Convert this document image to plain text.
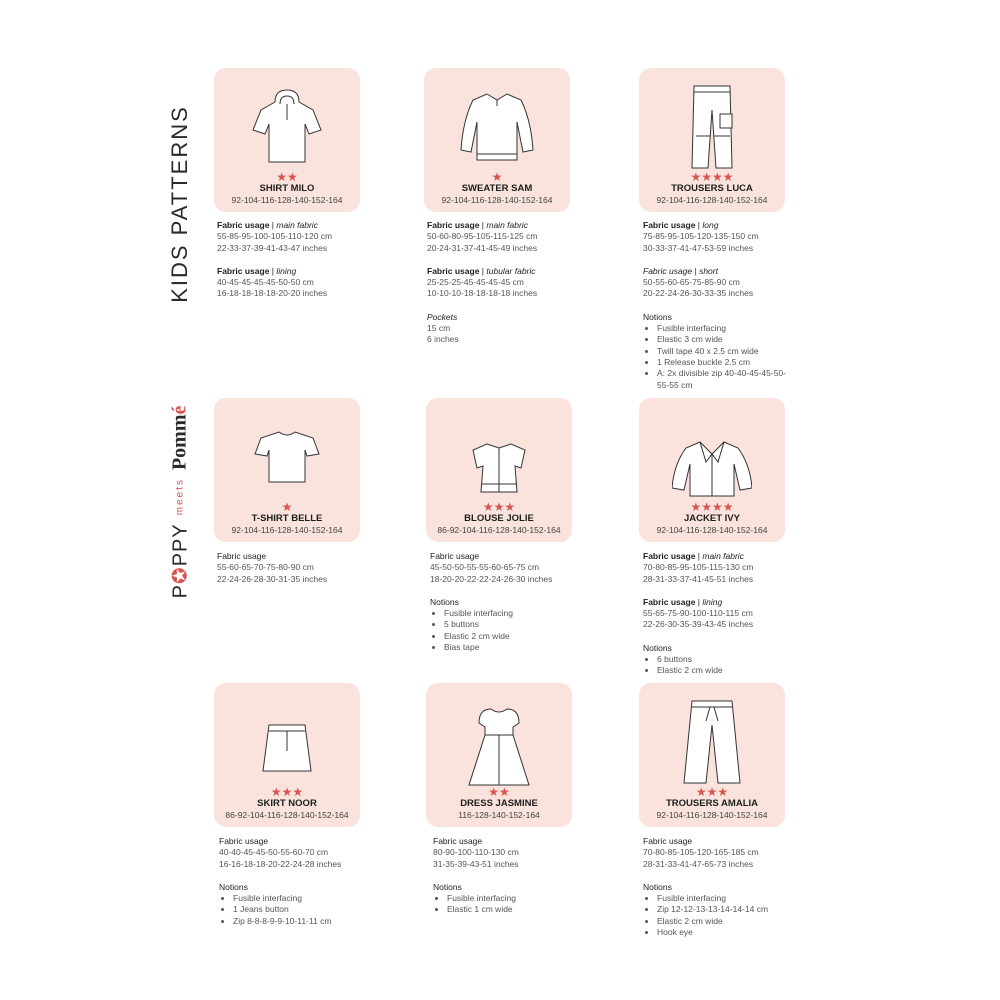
KIDS PATTERNS
P✪PPY
meets
Pommé
★★
SHIRT MILO
92-104-116-128-140-152-164
★
SWEATER SAM
92-104-116-128-140-152-164
★★★★
TROUSERS LUCA
92-104-116-128-140-152-164
★
T-SHIRT BELLE
92-104-116-128-140-152-164
★★★
BLOUSE JOLIE
86-92-104-116-128-140-152-164
★★★★
JACKET IVY
92-104-116-128-140-152-164
★★★
SKIRT NOOR
86-92-104-116-128-140-152-164
★★
DRESS JASMINE
116-128-140-152-164
★★★
TROUSERS AMALIA
92-104-116-128-140-152-164
Fabric usage | main fabric
55-85-95-100-105-110-120 cm
22-33-37-39-41-43-47 inches
Fabric usage | lining
40-45-45-45-45-50-50 cm
16-18-18-18-18-20-20 inches
Fabric usage | main fabric
50-60-80-95-105-115-125 cm
20-24-31-37-41-45-49 inches
Fabric usage | tubular fabric
25-25-25-45-45-45-45 cm
10-10-10-18-18-18-18 inches
Pockets
15 cm
6 inches
Fabric usage | long
75-85-95-105-120-135-150 cm
30-33-37-41-47-53-59 inches
Fabric usage | short
50-55-60-65-75-85-90 cm
20-22-24-26-30-33-35 inches
Notions
• Fusible interfacing
• Elastic 3 cm wide
• Twill tape 40 x 2.5 cm wide
• 1 Release buckle 2.5 cm
• A: 2x divisible zip 40-40-45-45-50-55-55 cm
Fabric usage
55-60-65-70-75-80-90 cm
22-24-26-28-30-31-35 inches
Fabric usage
45-50-50-55-55-60-65-75 cm
18-20-20-22-22-24-26-30 inches
Notions
• Fusible interfacing
• 5 buttons
• Elastic 2 cm wide
• Bias tape
Fabric usage | main fabric
70-80-85-95-105-115-130 cm
28-31-33-37-41-45-51 inches
Fabric usage | lining
55-65-75-90-100-110-115 cm
22-26-30-35-39-43-45 inches
Notions
• 6 buttons
• Elastic 2 cm wide
Fabric usage
40-40-45-45-50-55-60-70 cm
16-16-18-18-20-22-24-28 inches
Notions
• Fusible interfacing
• 1 Jeans button
• Zip 8-8-8-9-9-10-11-11 cm
Fabric usage
80-90-100-110-130 cm
31-35-39-43-51 inches
Notions
• Fusible interfacing
• Elastic 1 cm wide
Fabric usage
70-80-85-105-120-165-185 cm
28-31-33-41-47-65-73 inches
Notions
• Fusible interfacing
• Zip 12-12-13-13-14-14-14 cm
• Elastic 2 cm wide
• Hook eye
